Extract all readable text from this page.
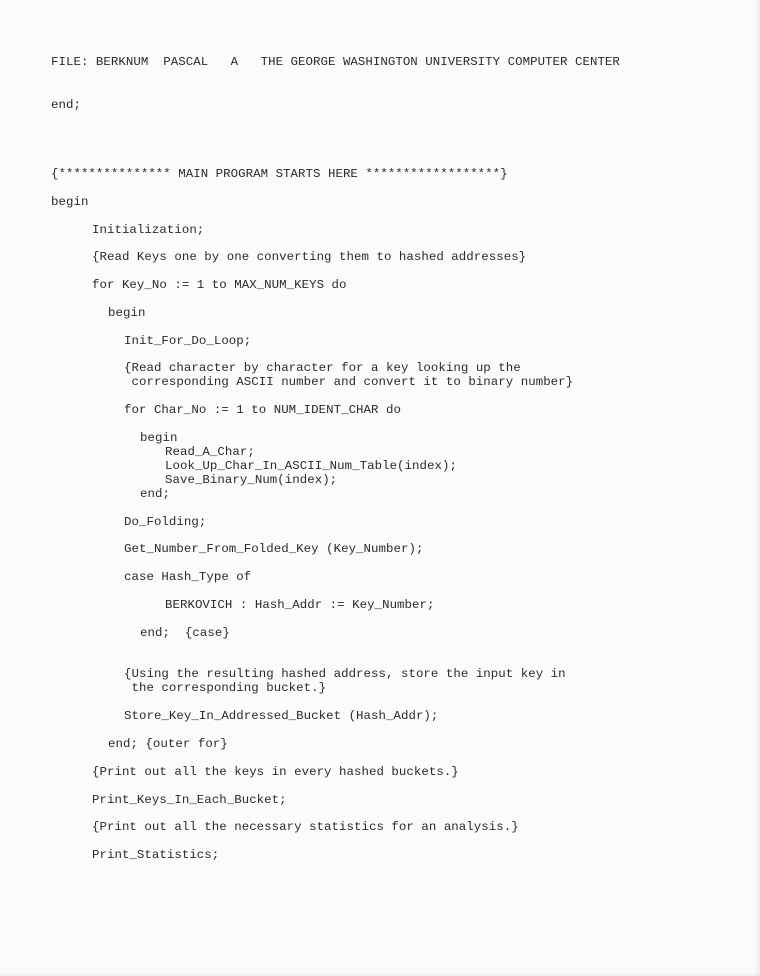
FILE: BERKNUM  PASCAL   A   THE GEORGE WASHINGTON UNIVERSITY COMPUTER CENTER
end;
{*************** MAIN PROGRAM STARTS HERE ******************}
begin
Initialization;
{Read Keys one by one converting them to hashed addresses}
for Key_No := 1 to MAX_NUM_KEYS do
begin
Init_For_Do_Loop;
{Read character by character for a key looking up the
corresponding ASCII number and convert it to binary number}
for Char_No := 1 to NUM_IDENT_CHAR do
begin
Read_A_Char;
Look_Up_Char_In_ASCII_Num_Table(index);
Save_Binary_Num(index);
end;
Do_Folding;
Get_Number_From_Folded_Key (Key_Number);
case Hash_Type of
BERKOVICH : Hash_Addr := Key_Number;
end;  {case}
{Using the resulting hashed address, store the input key in
the corresponding bucket.}
Store_Key_In_Addressed_Bucket (Hash_Addr);
end; {outer for}
{Print out all the keys in every hashed buckets.}
Print_Keys_In_Each_Bucket;
{Print out all the necessary statistics for an analysis.}
Print_Statistics;
